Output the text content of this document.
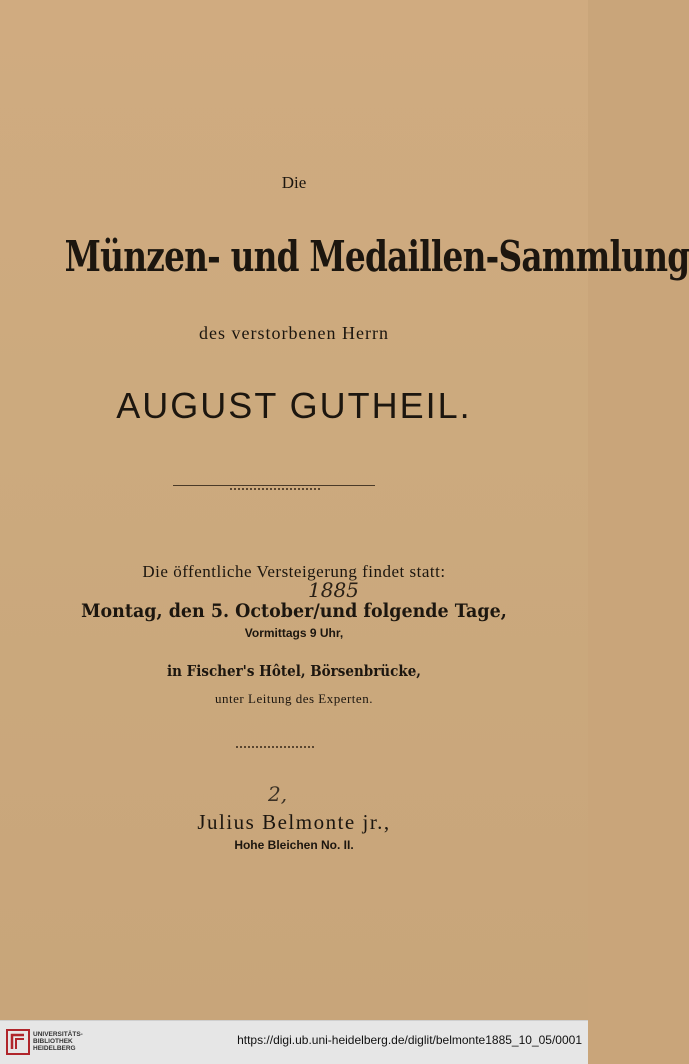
Die
Münzen- und Medaillen-Sammlung
des verstorbenen Herrn
AUGUST GUTHEIL.
Die öffentliche Versteigerung findet statt:
1885
Montag, den 5. October/und folgende Tage,
Vormittags 9 Uhr,
in Fischer's Hôtel, Börsenbrücke,
unter Leitung des Experten.
2,
Julius Belmonte jr.,
Hohe Bleichen No. II.
UNIVERSITÄTS-
BIBLIOTHEK
HEIDELBERG
https://digi.ub.uni-heidelberg.de/diglit/belmonte1885_10_05/0001
